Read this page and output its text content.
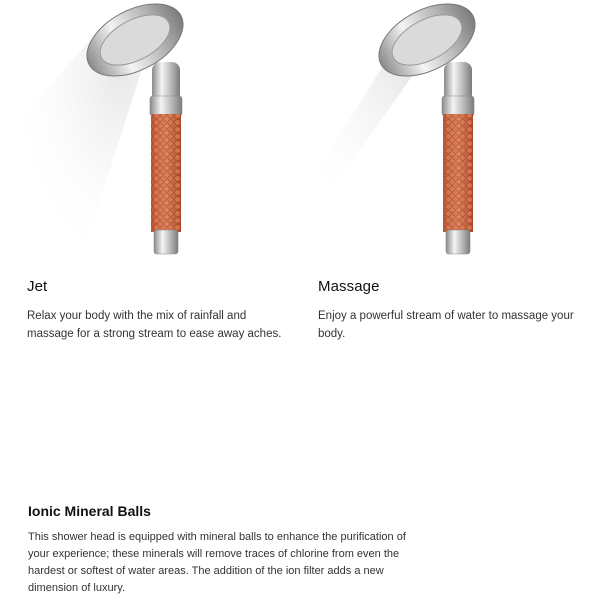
Jet

Relax your body with the mix of rainfall and massage for a strong stream to ease away aches.

Massage

Enjoy a powerful stream of water to massage your body.

Ionic Mineral Balls

This shower head is equipped with mineral balls to enhance the purification of your experience; these minerals will remove traces of chlorine from even the hardest or softest of water areas. The addition of the ion filter adds a new dimension of luxury.
